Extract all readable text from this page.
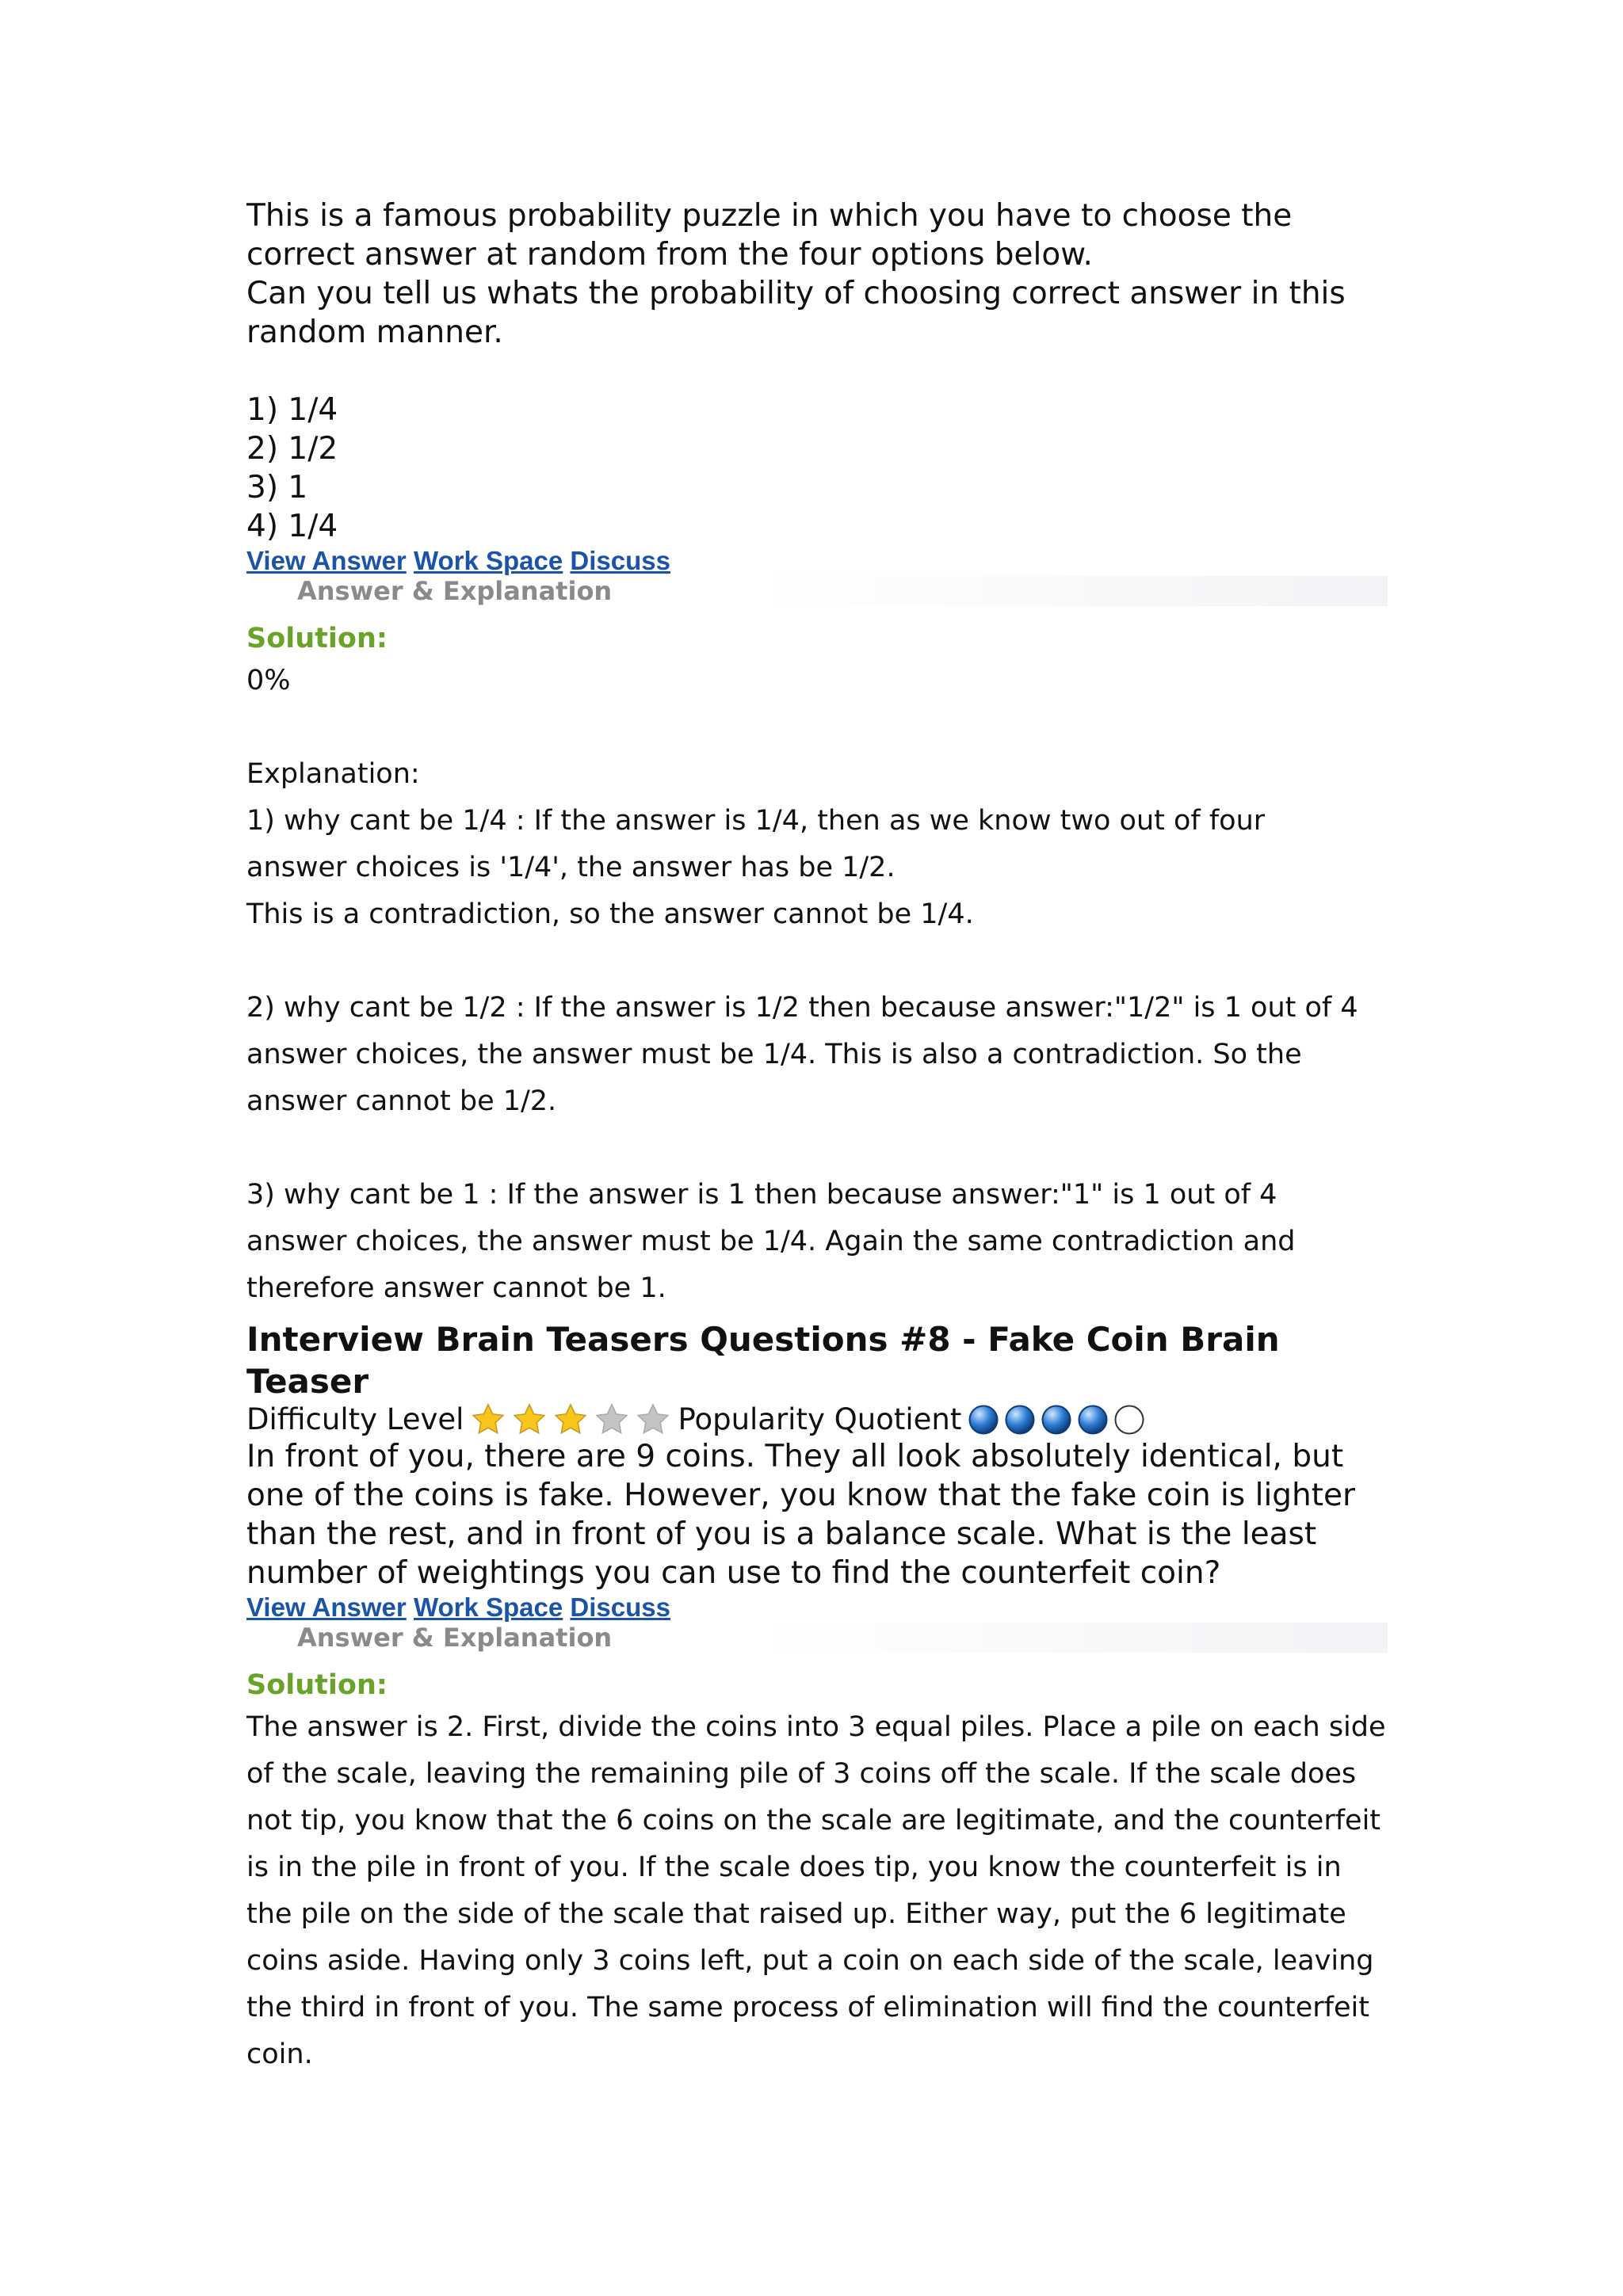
This is a famous probability puzzle in which you have to choose the

correct answer at random from the four options below.

Can you tell us whats the probability of choosing correct answer in this

random manner.

1) 1/4

2) 1/2

3) 1

4) 1/4

View Answer Work Space Discuss
Answer & Explanation
Solution:

0%

Explanation:

1) why cant be 1/4 : If the answer is 1/4, then as we know two out of four

answer choices is '1/4', the answer has be 1/2.

This is a contradiction, so the answer cannot be 1/4.

2) why cant be 1/2 : If the answer is 1/2 then because answer:"1/2" is 1 out of 4

answer choices, the answer must be 1/4. This is also a contradiction. So the

answer cannot be 1/2.

3) why cant be 1 : If the answer is 1 then because answer:"1" is 1 out of 4

answer choices, the answer must be 1/4. Again the same contradiction and

therefore answer cannot be 1.

Interview Brain Teasers Questions #8 - Fake Coin Brain Teaser
Difficulty Level	Popularity Quotient

In front of you, there are 9 coins. They all look absolutely identical, but

one of the coins is fake. However, you know that the fake coin is lighter

than the rest, and in front of you is a balance scale. What is the least

number of weightings you can use to find the counterfeit coin?

View Answer Work Space Discuss
Answer & Explanation
Solution:

The answer is 2. First, divide the coins into 3 equal piles. Place a pile on each side

of the scale, leaving the remaining pile of 3 coins off the scale. If the scale does

not tip, you know that the 6 coins on the scale are legitimate, and the counterfeit

is in the pile in front of you. If the scale does tip, you know the counterfeit is in

the pile on the side of the scale that raised up. Either way, put the 6 legitimate

coins aside. Having only 3 coins left, put a coin on each side of the scale, leaving

the third in front of you. The same process of elimination will find the counterfeit

coin.
